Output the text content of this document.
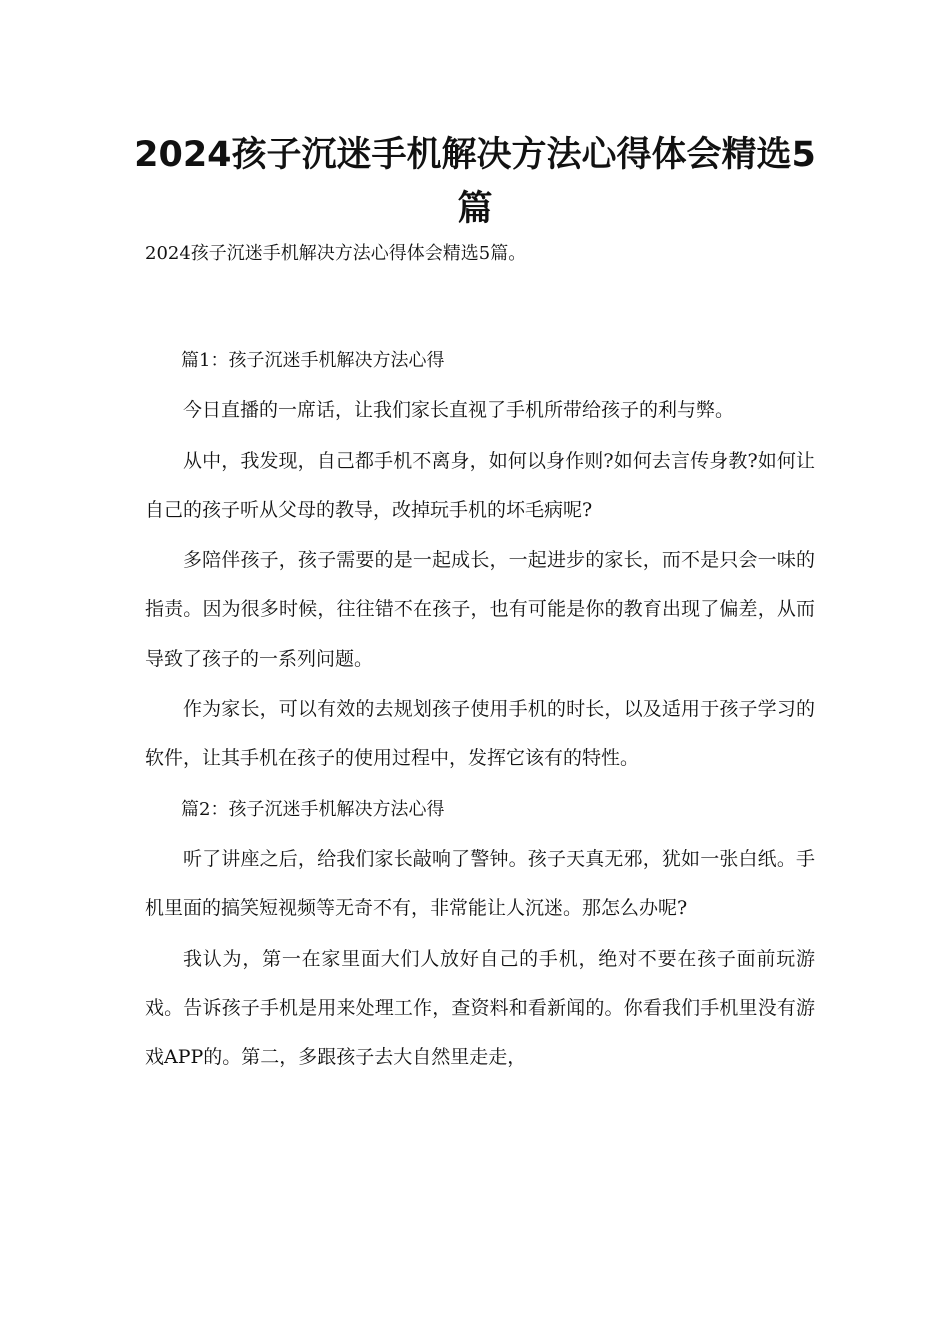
2024孩子沉迷手机解决方法心得体会精选5篇

2024孩子沉迷手机解决方法心得体会精选5篇。

篇1：孩子沉迷手机解决方法心得

今日直播的一席话，让我们家长直视了手机所带给孩子的利与弊。

从中，我发现，自己都手机不离身，如何以身作则?如何去言传身教?如何让自己的孩子听从父母的教导，改掉玩手机的坏毛病呢?

多陪伴孩子，孩子需要的是一起成长，一起进步的家长，而不是只会一味的指责。因为很多时候，往往错不在孩子，也有可能是你的教育出现了偏差，从而导致了孩子的一系列问题。

作为家长，可以有效的去规划孩子使用手机的时长，以及适用于孩子学习的软件，让其手机在孩子的使用过程中，发挥它该有的特性。

篇2：孩子沉迷手机解决方法心得

听了讲座之后，给我们家长敲响了警钟。孩子天真无邪，犹如一张白纸。手机里面的搞笑短视频等无奇不有，非常能让人沉迷。那怎么办呢?

我认为，第一在家里面大们人放好自己的手机，绝对不要在孩子面前玩游戏。告诉孩子手机是用来处理工作，查资料和看新闻的。你看我们手机里没有游戏APP的。第二，多跟孩子去大自然里走走，
